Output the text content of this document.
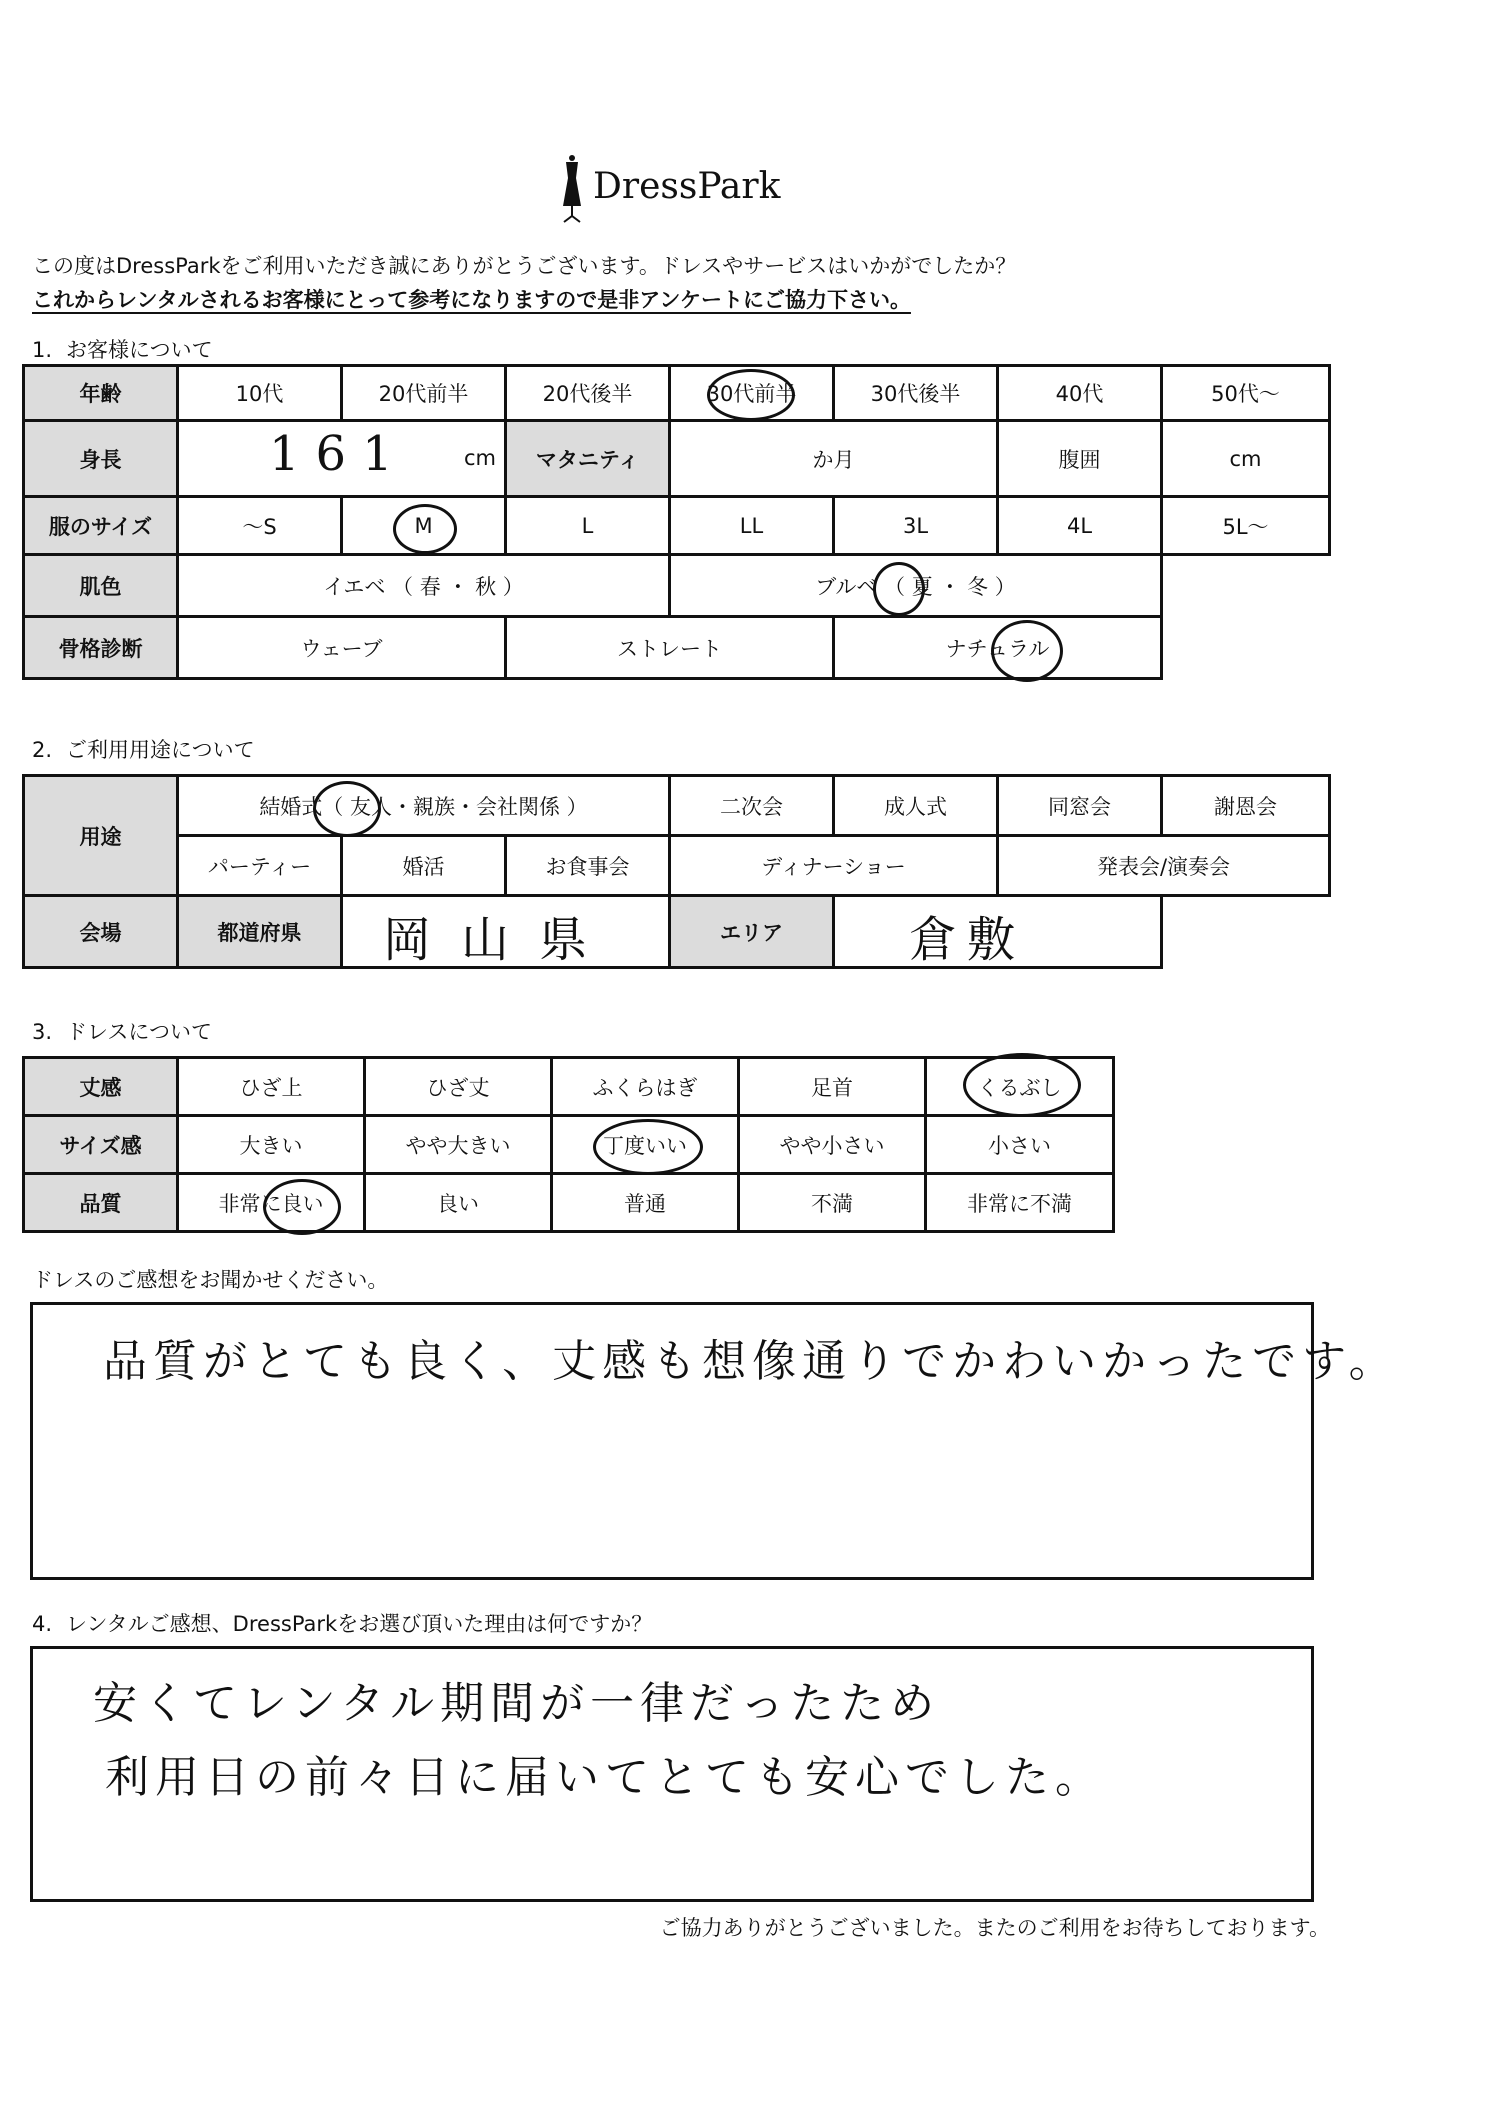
DressPark
この度はDressParkをご利用いただき誠にありがとうございます。ドレスやサービスはいかがでしたか？
これからレンタルされるお客様にとって参考になりますので是非アンケートにご協力下さい。
1. お客様について
年齢	10代	20代前半	20代後半	30代前半	30代後半	40代	50代～
身長	161 cm		マタニティ	か月		腹囲	cm
服のサイズ	～S	M	L	LL	3L	4L	5L～
肌色	イエベ （ 春 ・ 秋 ）			ブルベ （ 夏 ・ 冬 ）		

骨格診断	ウェーブ		ストレート		ナチュラル	

2. ご利用用途について
用途	結婚式（ 友人・親族・会社関係 ）			二次会	成人式	同窓会	謝恩会
	パーティー	婚活	お食事会	ディナーショー		発表会/演奏会	
会場	都道府県	岡山県		エリア	倉敷		

3. ドレスについて
丈感	ひざ上	ひざ丈	ふくらはぎ	足首	くるぶし

サイズ感	大きい	やや大きい	丁度いい	やや小さい	小さい
品質	非常に良い	良い	普通	不満	非常に不満
ドレスのご感想をお聞かせください。
品質がとても良く、丈感も想像通りでかわいかったです。
4. レンタルご感想、DressParkをお選び頂いた理由は何ですか？
安くてレンタル期間が一律だったため
利用日の前々日に届いてとても安心でした。
ご協力ありがとうございました。またのご利用をお待ちしております。
